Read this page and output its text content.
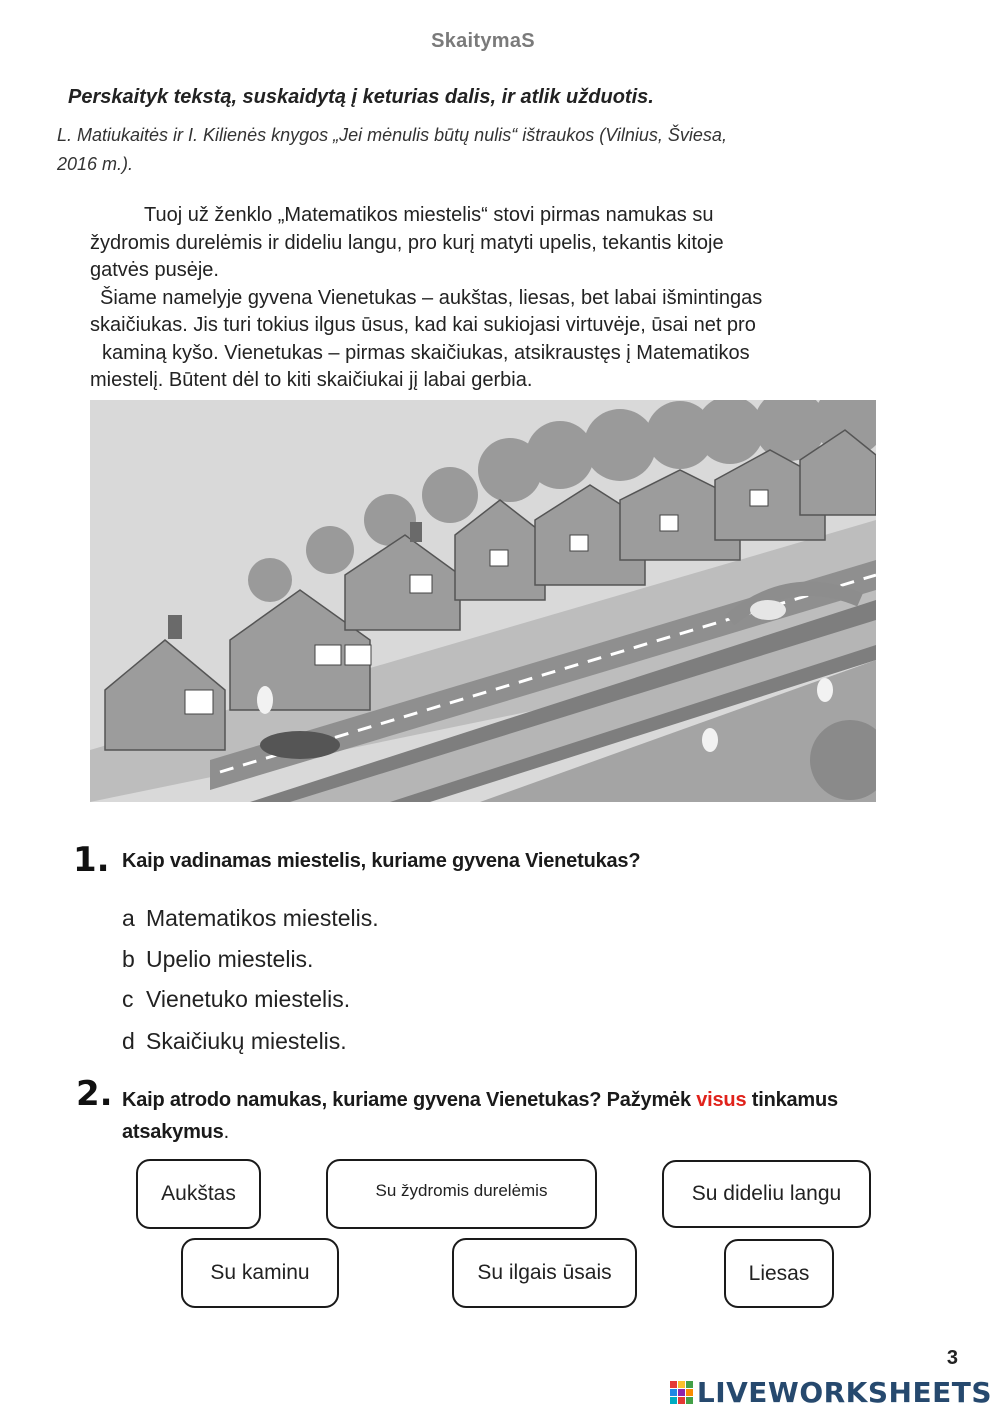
SkaitymaS
Perskaityk tekstą, suskaidytą į keturias dalis, ir atlik užduotis.
L. Matiukaitės ir I. Kilienės knygos „Jei mėnulis būtų nulis“ ištraukos (Vilnius, Šviesa,
2016 m.).
Tuoj už ženklo „Matematikos miestelis“ stovi pirmas namukas su
žydromis durelėmis ir dideliu langu, pro kurį matyti upelis, tekantis kitoje
gatvės pusėje.
Šiame namelyje gyvena Vienetukas – aukštas, liesas, bet labai išmintingas
skaičiukas. Jis turi tokius ilgus ūsus, kad kai sukiojasi virtuvėje, ūsai net pro
kaminą kyšo. Vienetukas – pirmas skaičiukas, atsikraustęs į Matematikos
miestelį. Būtent dėl to kiti skaičiukai jį labai gerbia.
1. Kaip vadinamas miestelis, kuriame gyvena Vienetukas?
a Matematikos miestelis.
b Upelio miestelis.
c Vienetuko miestelis.
d Skaičiukų miestelis.
2. Kaip atrodo namukas, kuriame gyvena Vienetukas? Pažymėk visus tinkamus
atsakymus.
Aukštas	Su žydromis durelėmis	Su dideliu langu
Su kaminu	Su ilgais ūsais	Liesas
3
LIVEWORKSHEETS
